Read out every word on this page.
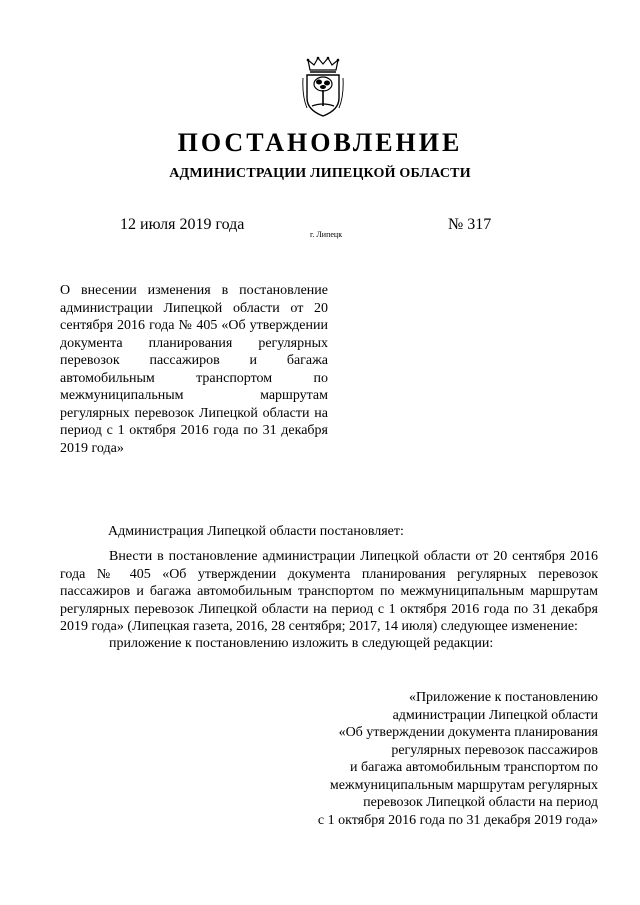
ПОСТАНОВЛЕНИЕ
АДМИНИСТРАЦИИ ЛИПЕЦКОЙ ОБЛАСТИ
12 июля 2019 года
г. Липецк
№ 317
О внесении изменения в постановление администрации Липецкой области от 20 сентября 2016 года № 405 «Об утверждении документа планирования регулярных перевозок пассажиров и багажа автомобильным транспортом по межмуниципальным маршрутам регулярных перевозок Липецкой области на период с 1 октября 2016 года по 31 декабря 2019 года»

Администрация Липецкой области постановляет:

Внести в постановление администрации Липецкой области от 20 сентября 2016 года № 405 «Об утверждении документа планирования регулярных перевозок пассажиров и багажа автомобильным транспортом по межмуниципальным маршрутам регулярных перевозок Липецкой области на период с 1 октября 2016 года по 31 декабря 2019 года» (Липецкая газета, 2016, 28 сентября; 2017, 14 июля) следующее изменение:

приложение к постановлению изложить в следующей редакции:

«Приложение к постановлению
администрации Липецкой области
«Об утверждении документа планирования
регулярных перевозок пассажиров
и багажа автомобильным транспортом по
межмуниципальным маршрутам регулярных
перевозок Липецкой области на период
с 1 октября 2016 года по 31 декабря 2019 года»
